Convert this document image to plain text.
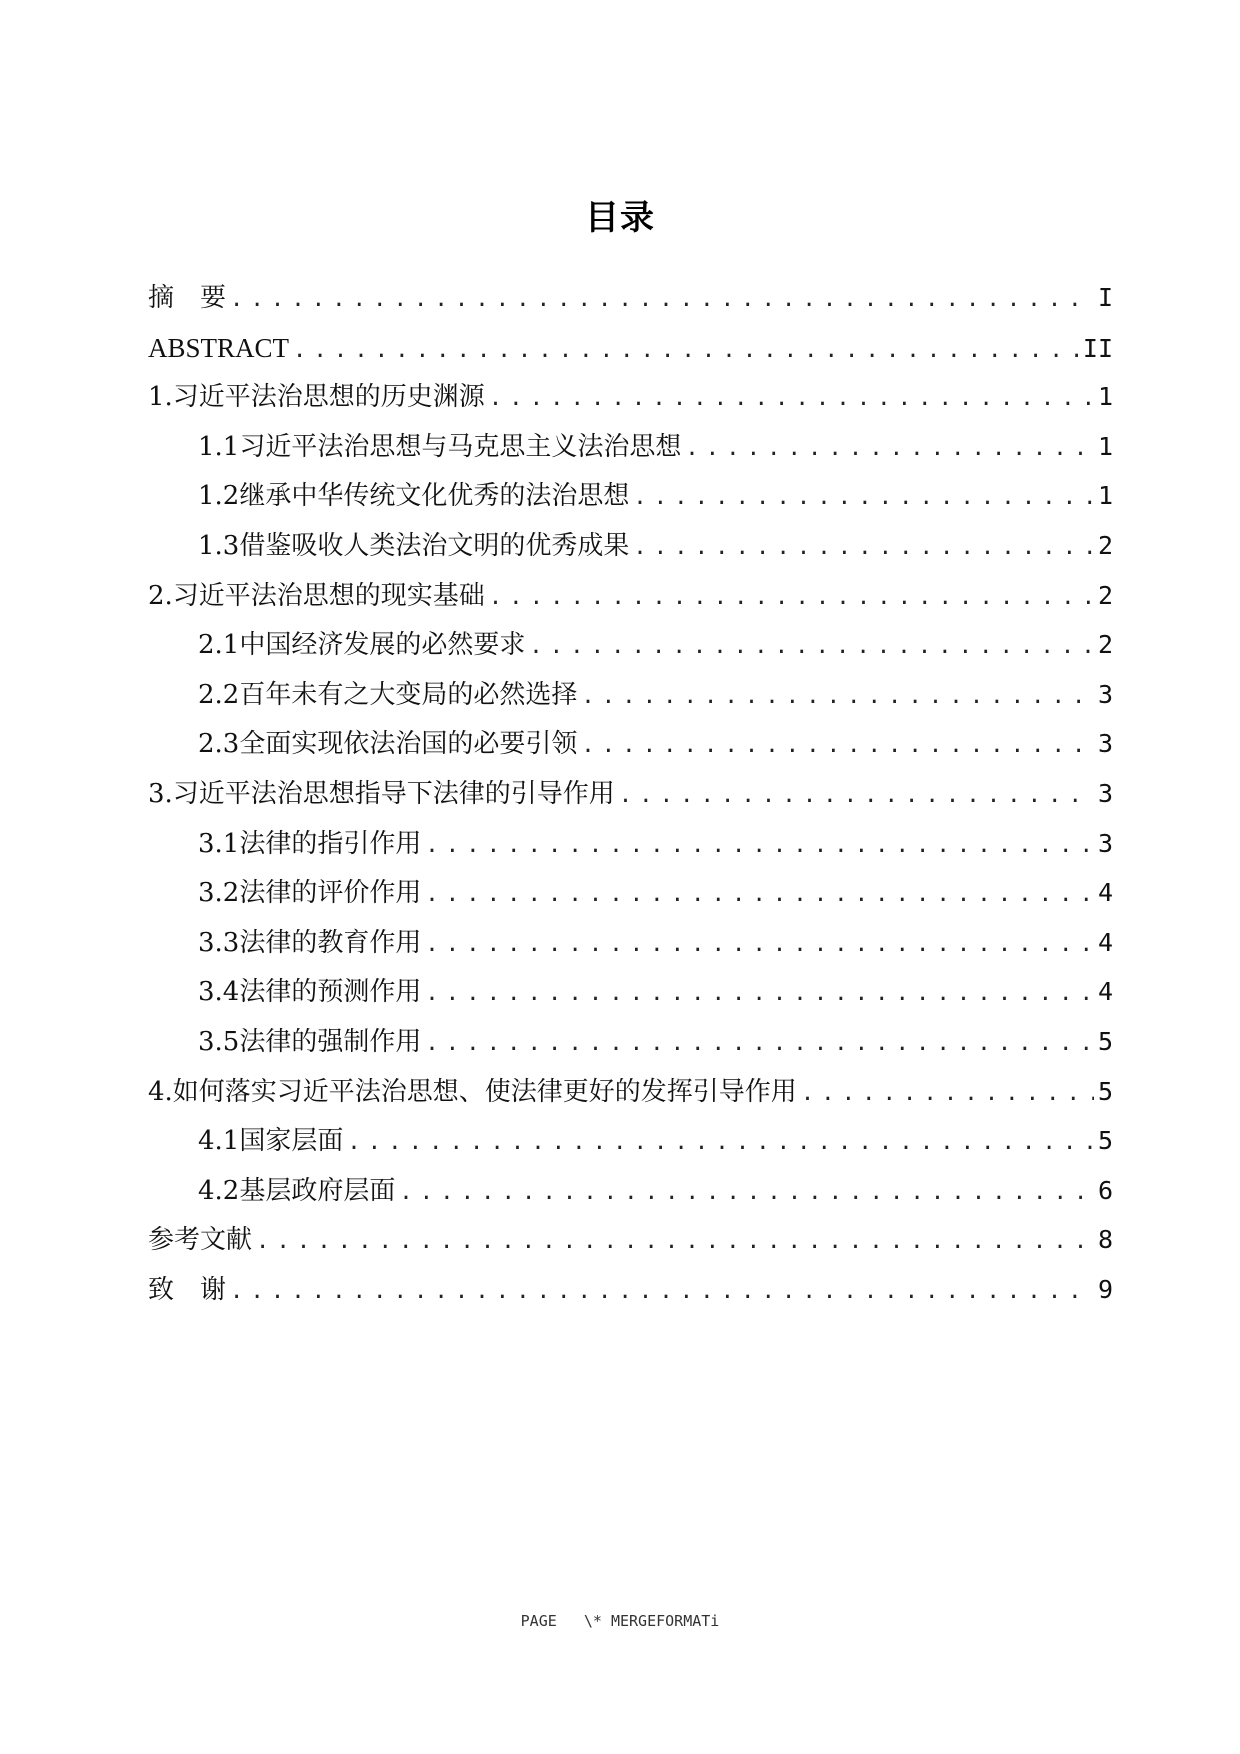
目录
摘　要 .....	I
ABSTRACT .....	II
1.习近平法治思想的历史渊源 .....	1
1.1习近平法治思想与马克思主义法治思想 .....	1
1.2继承中华传统文化优秀的法治思想 .....	1
1.3借鉴吸收人类法治文明的优秀成果 .....	2
2.习近平法治思想的现实基础 .....	2
2.1中国经济发展的必然要求 .....	2
2.2百年未有之大变局的必然选择 .....	3
2.3全面实现依法治国的必要引领 .....	3
3.习近平法治思想指导下法律的引导作用 .....	3
3.1法律的指引作用 .....	3
3.2法律的评价作用 .....	4
3.3法律的教育作用 .....	4
3.4法律的预测作用 .....	4
3.5法律的强制作用 .....	5
4.如何落实习近平法治思想、使法律更好的发挥引导作用 .....	5
4.1国家层面 .....	5
4.2基层政府层面 .....	6
参考文献 .....	8
致　谢 .....	9
PAGE   \* MERGEFORMATi
